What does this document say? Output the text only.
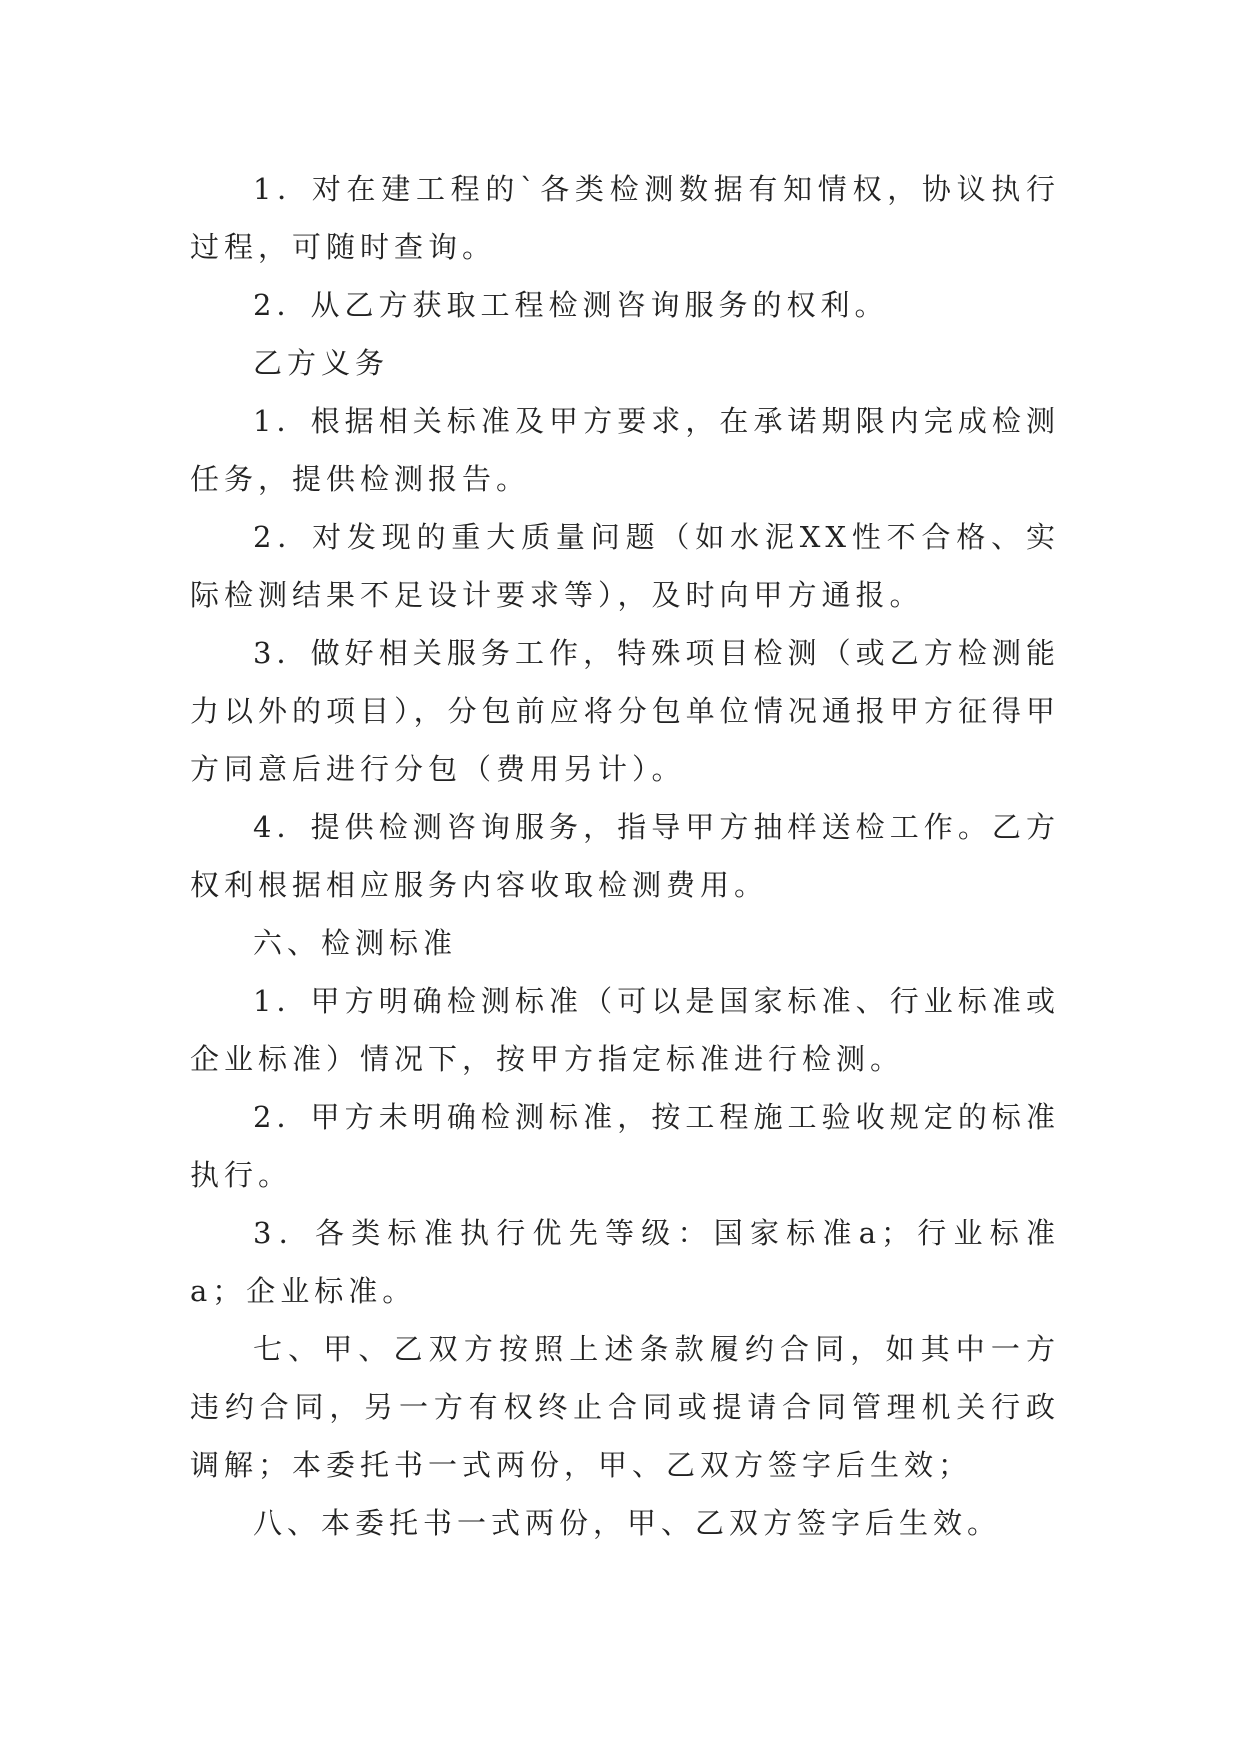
1．对在建工程的`各类检测数据有知情权，协议执行过程，可随时查询。

2．从乙方获取工程检测咨询服务的权利。

乙方义务

1．根据相关标准及甲方要求，在承诺期限内完成检测任务，提供检测报告。

2．对发现的重大质量问题（如水泥XX性不合格、实际检测结果不足设计要求等），及时向甲方通报。

3．做好相关服务工作，特殊项目检测（或乙方检测能力以外的项目），分包前应将分包单位情况通报甲方征得甲方同意后进行分包（费用另计）。

4．提供检测咨询服务，指导甲方抽样送检工作。乙方权利根据相应服务内容收取检测费用。

六、检测标准

1．甲方明确检测标准（可以是国家标准、行业标准或企业标准）情况下，按甲方指定标准进行检测。

2．甲方未明确检测标准，按工程施工验收规定的标准执行。

3．各类标准执行优先等级：国家标准a；行业标准a；企业标准。

七、甲、乙双方按照上述条款履约合同，如其中一方违约合同，另一方有权终止合同或提请合同管理机关行政调解；本委托书一式两份，甲、乙双方签字后生效；

八、本委托书一式两份，甲、乙双方签字后生效。
